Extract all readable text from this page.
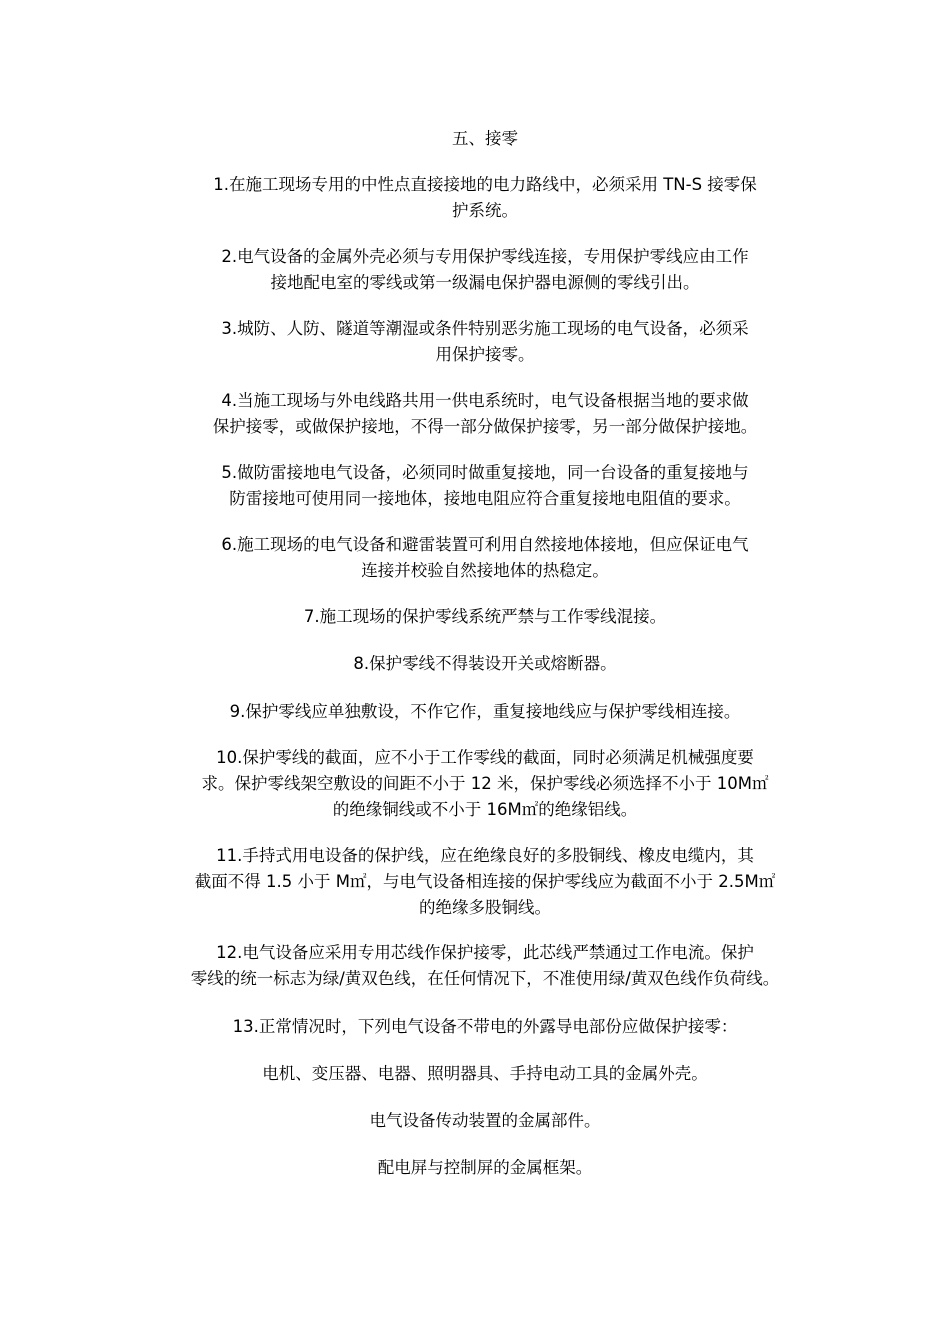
五、接零

1.在施工现场专用的中性点直接接地的电力路线中，必须采用 TN-S 接零保
护系统。

2.电气设备的金属外壳必须与专用保护零线连接，专用保护零线应由工作
接地配电室的零线或第一级漏电保护器电源侧的零线引出。

3.城防、人防、隧道等潮湿或条件特别恶劣施工现场的电气设备，必须采
用保护接零。

4.当施工现场与外电线路共用一供电系统时，电气设备根据当地的要求做
保护接零，或做保护接地，不得一部分做保护接零，另一部分做保护接地。

5.做防雷接地电气设备，必须同时做重复接地，同一台设备的重复接地与
防雷接地可使用同一接地体，接地电阻应符合重复接地电阻值的要求。

6.施工现场的电气设备和避雷装置可利用自然接地体接地，但应保证电气
连接并校验自然接地体的热稳定。

7.施工现场的保护零线系统严禁与工作零线混接。

8.保护零线不得装设开关或熔断器。

9.保护零线应单独敷设，不作它作，重复接地线应与保护零线相连接。

10.保护零线的截面，应不小于工作零线的截面，同时必须满足机械强度要
求。保护零线架空敷设的间距不小于 12 米，保护零线必须选择不小于 10M㎡
的绝缘铜线或不小于 16M㎡的绝缘铝线。

11.手持式用电设备的保护线，应在绝缘良好的多股铜线、橡皮电缆内，其
截面不得 1.5 小于 M㎡，与电气设备相连接的保护零线应为截面不小于 2.5M㎡
的绝缘多股铜线。

12.电气设备应采用专用芯线作保护接零，此芯线严禁通过工作电流。保护
零线的统一标志为绿/黄双色线，在任何情况下，不准使用绿/黄双色线作负荷线。

13.正常情况时，下列电气设备不带电的外露导电部份应做保护接零：

电机、变压器、电器、照明器具、手持电动工具的金属外壳。

电气设备传动装置的金属部件。

配电屏与控制屏的金属框架。
